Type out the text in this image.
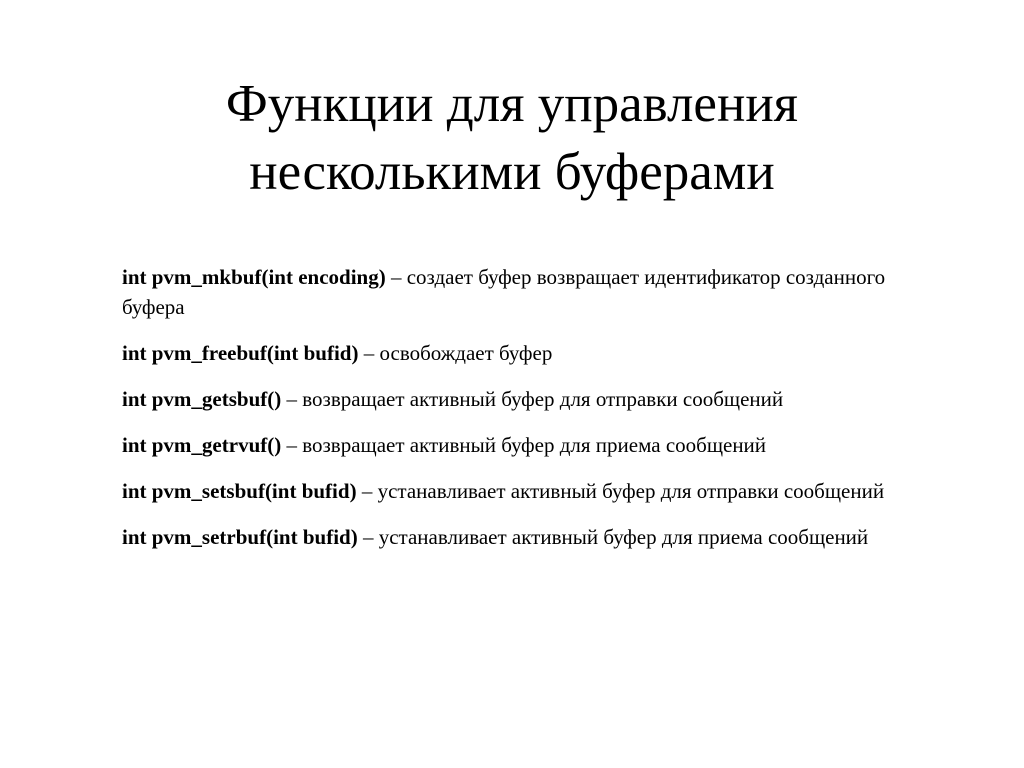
Функции для управления
несколькими буферами

int pvm_mkbuf(int encoding) – создает буфер возвращает идентификатор созданного буфера

int pvm_freebuf(int bufid) – освобождает буфер

int pvm_getsbuf() – возвращает активный буфер для отправки сообщений

int pvm_getrvuf() – возвращает активный буфер для приема сообщений

int pvm_setsbuf(int bufid) – устанавливает активный буфер для отправки сообщений

int pvm_setrbuf(int bufid) – устанавливает активный буфер для приема сообщений
